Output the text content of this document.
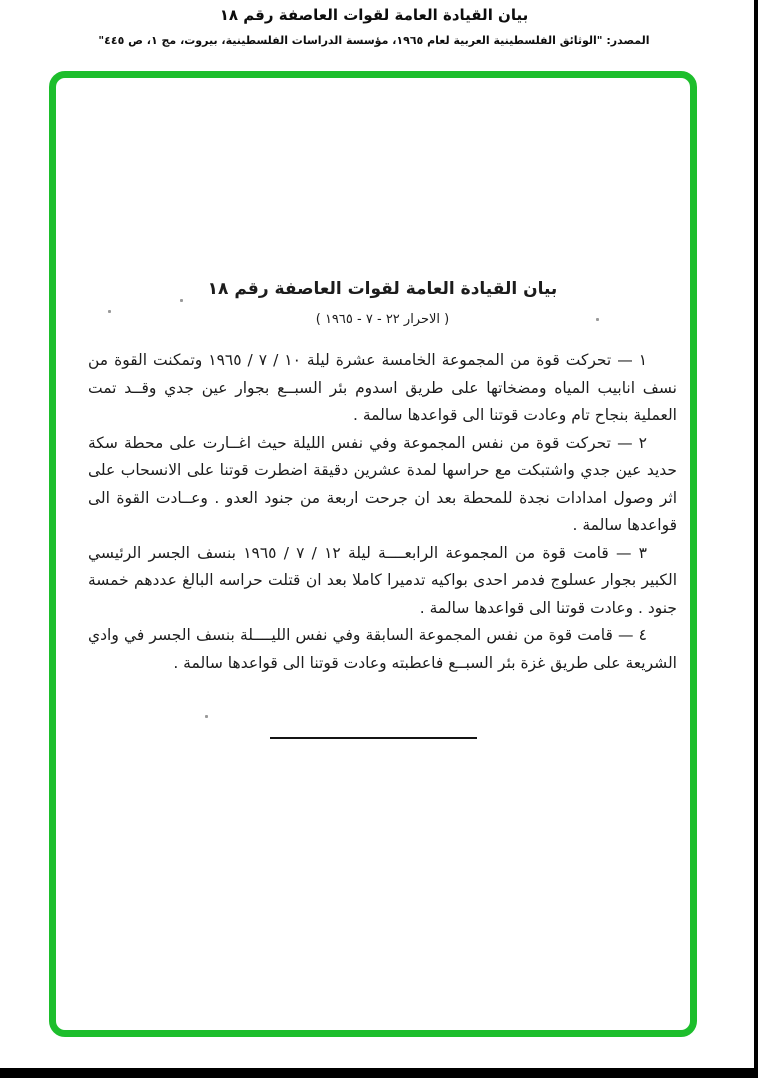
بيان القيادة العامة لقوات العاصفة رقم ١٨
المصدر: "الوثائق الفلسطينية العربية لعام ١٩٦٥، مؤسسة الدراسات الفلسطينية، بيروت، مج ١، ص ٤٤٥"
بيان القيادة العامة لقوات العاصفة رقم ١٨
( الاحرار ٢٢ - ٧ - ١٩٦٥ )

١ — تحركت قوة من المجموعة الخامسة عشرة ليلة ١٠ / ٧ / ١٩٦٥ وتمكنت القوة من نسف انابيب المياه ومضخاتها على طريق اسدوم بئر السبــع بجوار عين جدي وقــد تمت العملية بنجاح تام وعادت قوتنا الى قواعدها سالمة .

٢ — تحركت قوة من نفس المجموعة وفي نفس الليلة حيث اغــارت على محطة سكة حديد عين جدي واشتبكت مع حراسها لمدة عشرين دقيقة اضطرت قوتنا على الانسحاب على اثر وصول امدادات نجدة للمحطة بعد ان جرحت اربعة من جنود العدو . وعــادت القوة الى قواعدها سالمة .

٣ — قامت قوة من المجموعة الرابعــــة ليلة ١٢ / ٧ / ١٩٦٥ بنسف الجسر الرئيسي الكبير بجوار عسلوج فدمر احدى بواكيه تدميرا كاملا بعد ان قتلت حراسه البالغ عددهم خمسة جنود . وعادت قوتنا الى قواعدها سالمة .

٤ — قامت قوة من نفس المجموعة السابقة وفي نفس الليــــلة بنسف الجسر في وادي الشريعة على طريق غزة بئر السبــع فاعطبته وعادت قوتنا الى قواعدها سالمة .
